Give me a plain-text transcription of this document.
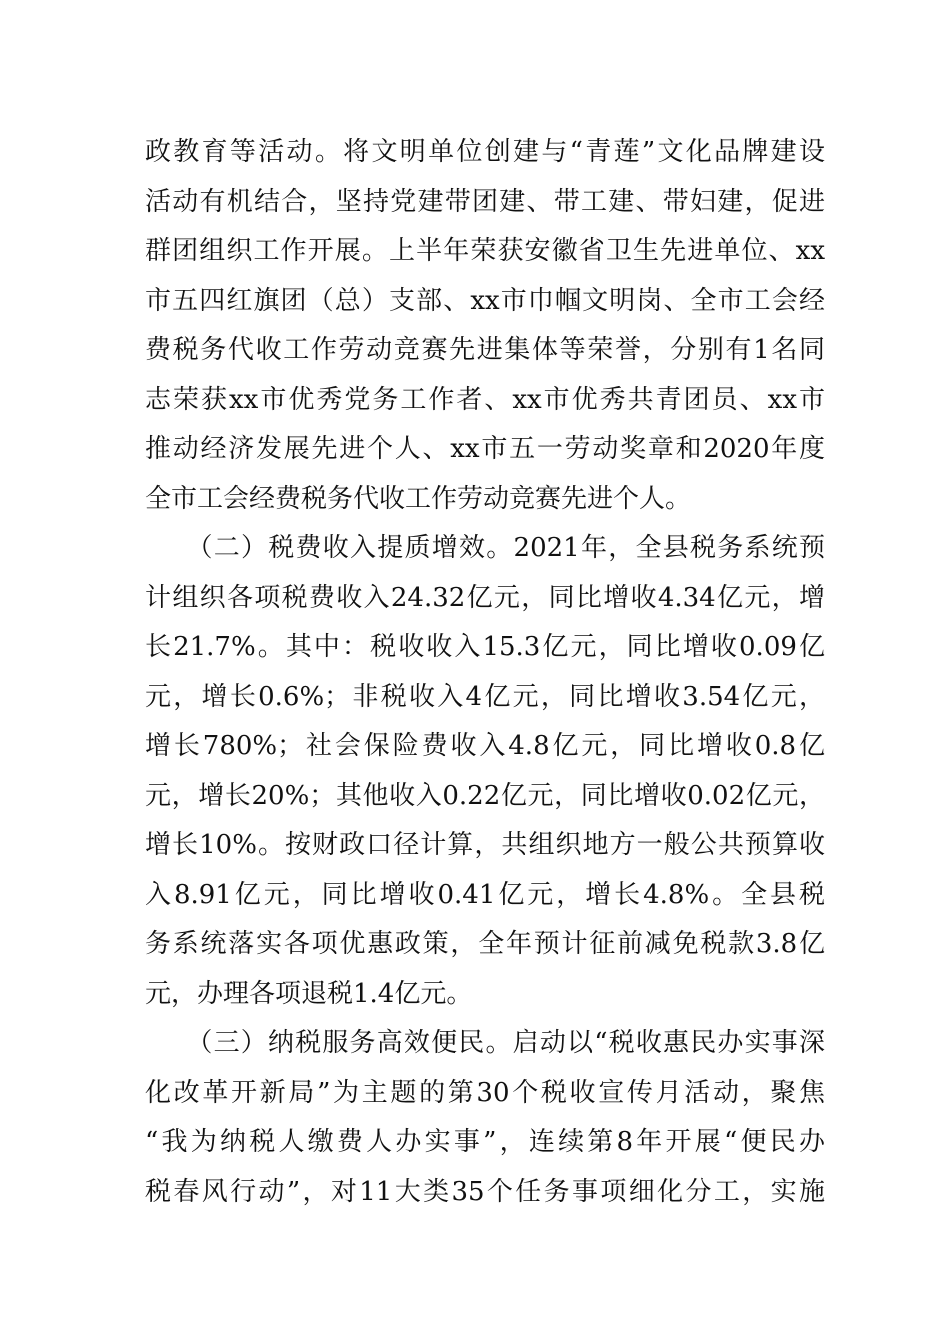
政教育等活动。将文明单位创建与“青莲”文化品牌建设
活动有机结合，坚持党建带团建、带工建、带妇建，促进
群团组织工作开展。上半年荣获安徽省卫生先进单位、xx
市五四红旗团（总）支部、xx市巾帼文明岗、全市工会经
费税务代收工作劳动竞赛先进集体等荣誉，分别有1名同
志荣获xx市优秀党务工作者、xx市优秀共青团员、xx市
推动经济发展先进个人、xx市五一劳动奖章和2020年度
全市工会经费税务代收工作劳动竞赛先进个人。
　　（二）税费收入提质增效。2021年，全县税务系统预
计组织各项税费收入24.32亿元，同比增收4.34亿元，增
长21.7%。其中：税收收入15.3亿元，同比增收0.09亿
元，增长0.6%；非税收入4亿元，同比增收3.54亿元，
增长780%；社会保险费收入4.8亿元，同比增收0.8亿
元，增长20%；其他收入0.22亿元，同比增收0.02亿元，
增长10%。按财政口径计算，共组织地方一般公共预算收
入8.91亿元，同比增收0.41亿元，增长4.8%。全县税
务系统落实各项优惠政策，全年预计征前减免税款3.8亿
元，办理各项退税1.4亿元。
　　（三）纳税服务高效便民。启动以“税收惠民办实事深
化改革开新局”为主题的第30个税收宣传月活动，聚焦
“我为纳税人缴费人办实事”，连续第8年开展“便民办
税春风行动”，对11大类35个任务事项细化分工，实施
